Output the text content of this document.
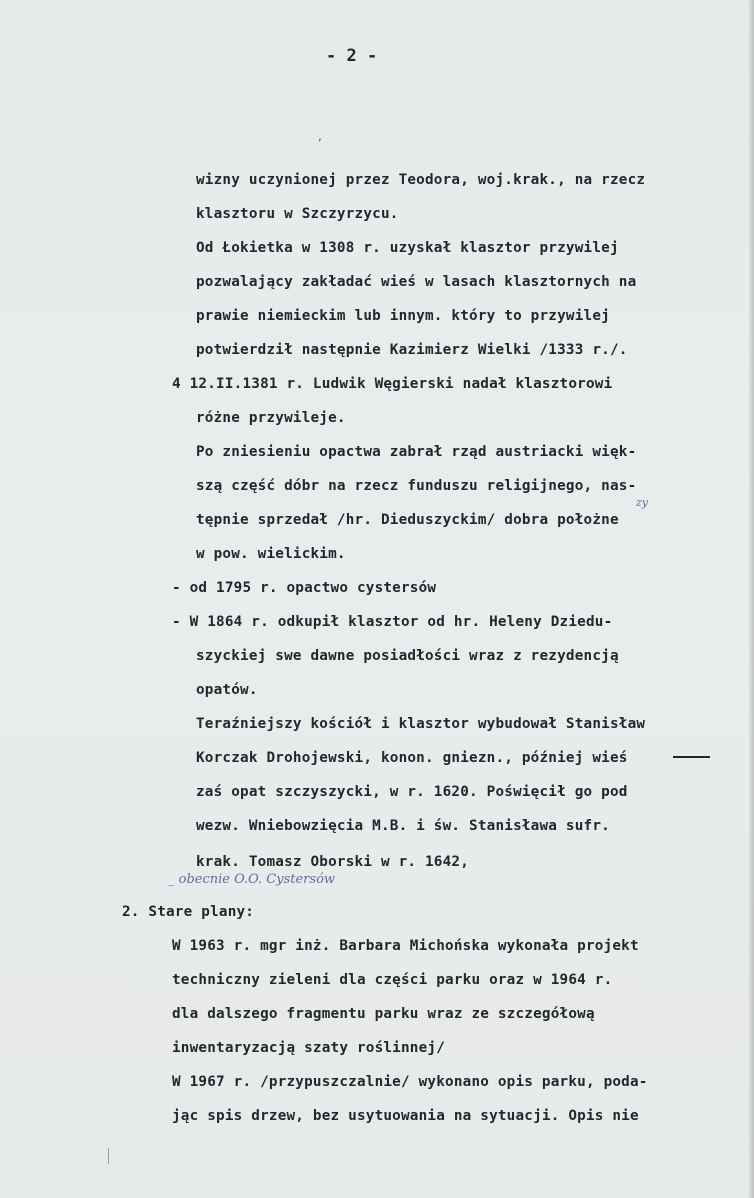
- 2 -
,
wizny uczynionej przez Teodora, woj.krak., na rzecz
klasztoru w Szczyrzycu.
Od Łokietka w 1308 r. uzyskał klasztor przywilej
pozwalający zakładać wieś w lasach klasztornych na
prawie niemieckim lub innym. który to przywilej
potwierdził następnie Kazimierz Wielki /1333 r./.
4 12.II.1381 r. Ludwik Węgierski nadał klasztorowi
różne przywileje.
Po zniesieniu opactwa zabrał rząd austriacki więk-
szą część dóbr na rzecz funduszu religijnego, nas-
tępnie sprzedał /hr. Dieduszyckim/ dobra położne
w pow. wielickim.
- od 1795 r. opactwo cystersów
- W 1864 r. odkupił klasztor od hr. Heleny Dziedu-
szyckiej swe dawne posiadłości wraz z rezydencją
opatów.
Teraźniejszy kościół i klasztor wybudował Stanisław
Korczak Drohojewski, konon. gniezn., później wieś
zaś opat szczyszycki, w r. 1620. Poświęcił go pod
wezw. Wniebowzięcia M.B. i św. Stanisława sufr.
krak. Tomasz Oborski w r. 1642,
_ obecnie O.O. Cystersów
zy
2. Stare plany:
W 1963 r. mgr inż. Barbara Michońska wykonała projekt
techniczny zieleni dla części parku oraz w 1964 r.
dla dalszego fragmentu parku wraz ze szczegółową
inwentaryzacją szaty roślinnej/
W 1967 r. /przypuszczalnie/ wykonano opis parku, poda-
jąc spis drzew, bez usytuowania na sytuacji. Opis nie
